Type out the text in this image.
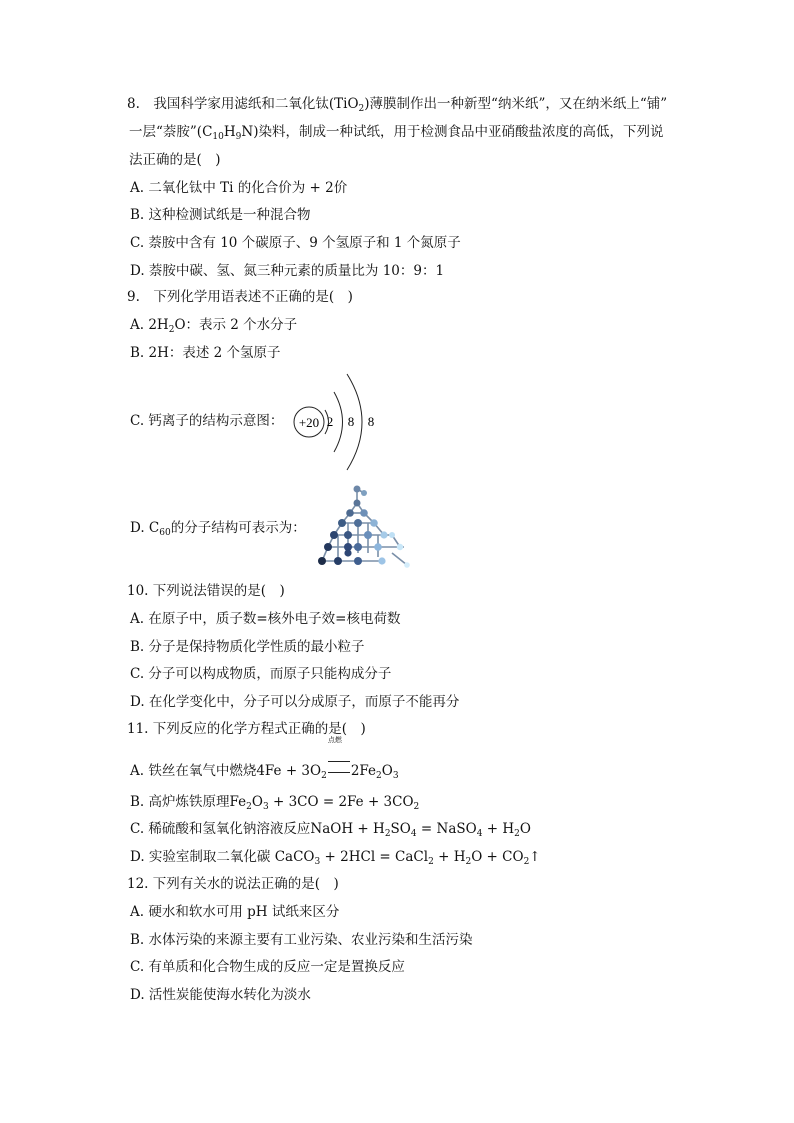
8.　我国科学家用滤纸和二氧化钛(TiO$_2$)薄膜制作出一种新型“纳米纸”，又在纳米纸上“铺”
一层“萘胺$”(C_{10}H_9N)$染料，制成一种试纸，用于检测食品中亚硝酸盐浓度的高低，下列说
法正确的是(　)
A. 二氧化钛中 Ti 的化合价为 + 2价
B. 这种检测试纸是一种混合物
C. 萘胺中含有 10 个碳原子、9 个氢原子和 1 个氮原子
D. 萘胺中碳、氢、氮三种元素的质量比为 10：9：1
9.　下列化学用语表述不正确的是(　)
A. $2H_2O$：表示 2 个水分子
B. 2H：表述 2 个氢原子
C. 钙离子的结构示意图： +20 2 8 8
D. $C_{60}$的分子结构可表示为：
10. 下列说法错误的是(　)
A. 在原子中，质子数=核外电子效=核电荷数
B. 分子是保持物质化学性质的最小粒子
C. 分子可以构成物质，而原子只能构成分子
D. 在化学变化中，分子可以分成原子，而原子不能再分
11. 下列反应的化学方程式正确的是(　)
A. 铁丝在氧气中燃烧$4Fe + 3O_2$
点燃
$2Fe_2O_3$
B. 高炉炼铁原理$Fe_2O_3 + 3CO = 2Fe + 3CO_2$
C. 稀硫酸和氢氧化钠溶液反应NaOH + $H_2SO_4$ = NaSO$_4$ + $H_2O$
D. 实验室制取二氧化碳 CaCO$_3$ + 2HCl = CaCl$_2$ + $H_2O$ + $CO_2↑$
12. 下列有关水的说法正确的是(　)
A. 硬水和软水可用 pH 试纸来区分
B. 水体污染的来源主要有工业污染、农业污染和生活污染
C. 有单质和化合物生成的反应一定是置换反应
D. 活性炭能使海水转化为淡水
